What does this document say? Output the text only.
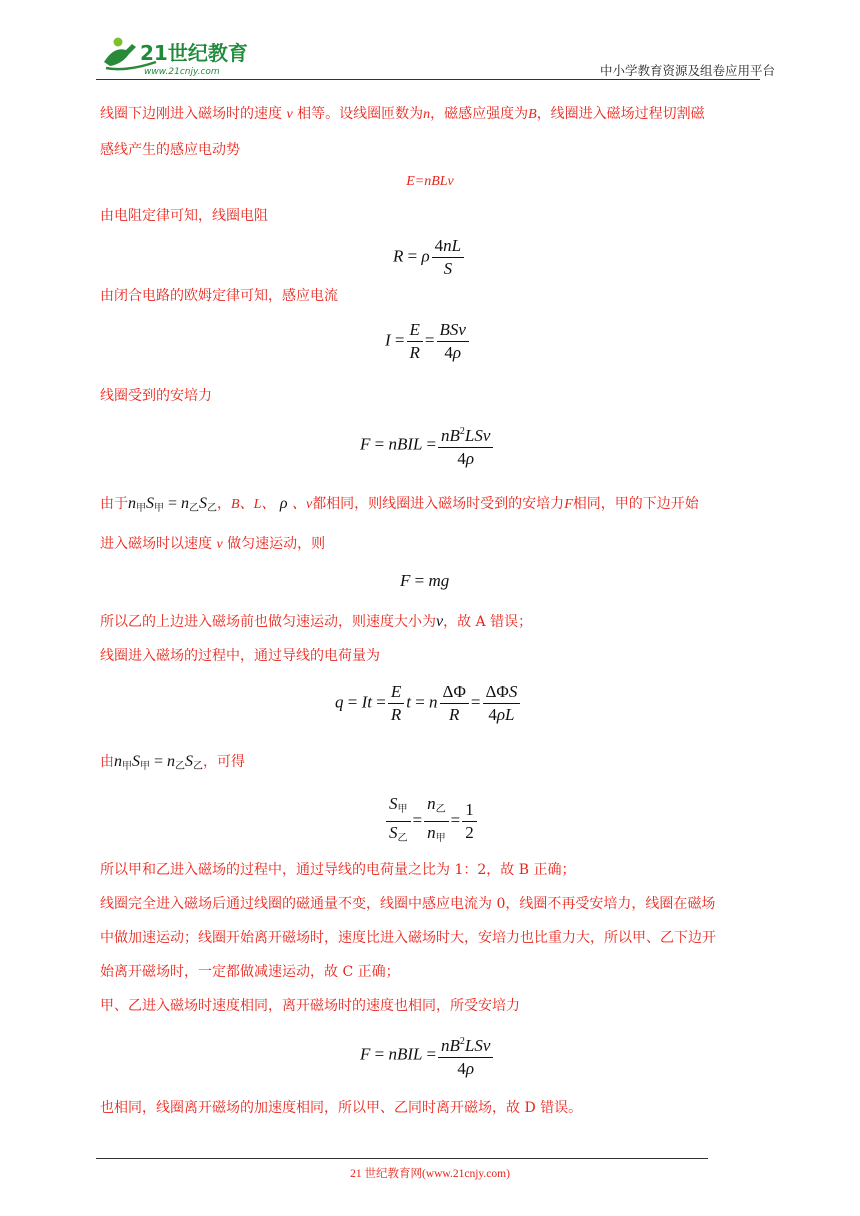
21世纪教育
www.21cnjy.com	中小学教育资源及组卷应用平台
线圈下边刚进入磁场时的速度 v 相等。设线圈匝数为n，磁感应强度为B，线圈进入磁场过程切割磁
感线产生的感应电动势
E=nBLv
由电阻定律可知，线圈电阻
R = ρ $\frac{4nL}{S}$
由闭合电路的欧姆定律可知，感应电流
$I = \frac{E}{R} = \frac{\text{BSv}}{4\rho}$
线圈受到的安培力
F = nBIL = $\frac{nB^2LSv}{4\rho}$
由于$n_甲S_甲 = n_乙S_乙$，B、L、 ρ 、v都相同，则线圈进入磁场时受到的安培力F相同，甲的下边开始
进入磁场时以速度 v 做匀速运动，则
F = mg
所以乙的上边进入磁场前也做匀速运动，则速度大小为v，故 A 错误；
线圈进入磁场的过程中，通过导线的电荷量为
$q = It = \frac{E}{R}$ t = n $\frac{\Delta\Phi}{R} = \frac{\text{ΔΦS}}{4\rho L}$
由$n_甲S_甲 = n_乙S_乙$，可得
$\frac{S_甲}{S_乙} = \frac{n_乙}{n_甲} = \frac{1}{2}$
所以甲和乙进入磁场的过程中，通过导线的电荷量之比为 1：2，故 B 正确；
线圈完全进入磁场后通过线圈的磁通量不变，线圈中感应电流为 0，线圈不再受安培力，线圈在磁场
中做加速运动；线圈开始离开磁场时，速度比进入磁场时大，安培力也比重力大，所以甲、乙下边开
始离开磁场时，一定都做减速运动，故 C 正确；
甲、乙进入磁场时速度相同，离开磁场时的速度也相同，所受安培力
F = nBIL = $\frac{nB^2LSv}{4\rho}$
也相同，线圈离开磁场的加速度相同，所以甲、乙同时离开磁场，故 D 错误。
21 世纪教育网(www.21cnjy.com)
